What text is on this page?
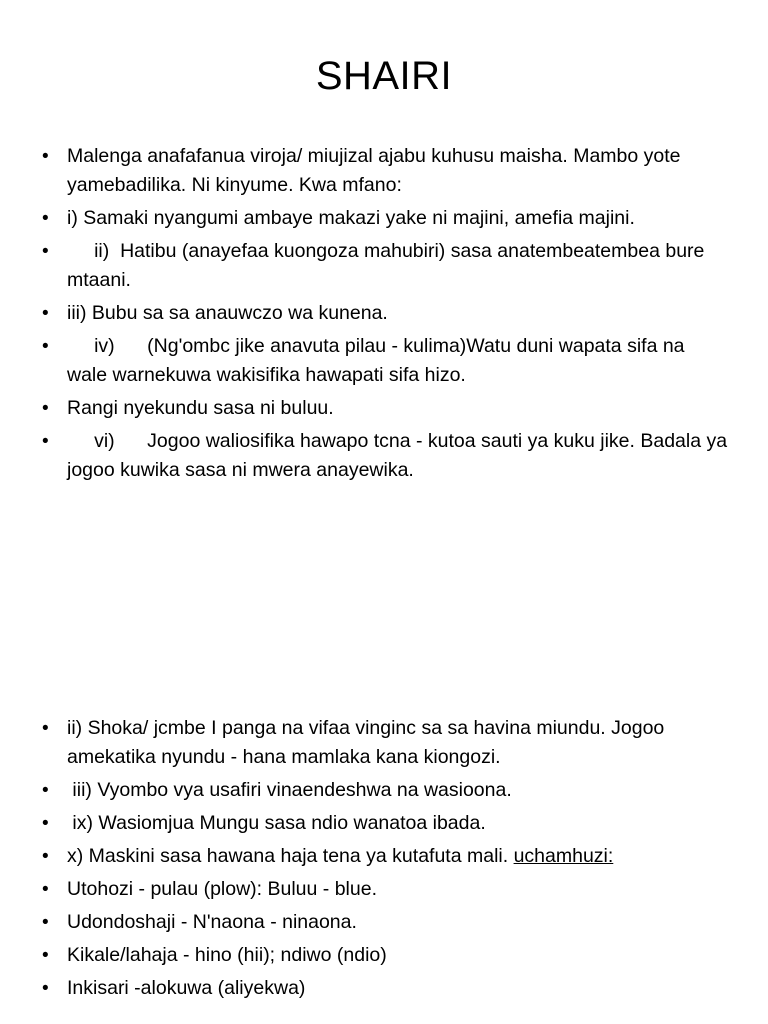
SHAIRI
• Malenga anafafanua viroja/ miujizal ajabu kuhusu maisha. Mambo yote yamebadilika. Ni kinyume. Kwa mfano:
• i) Samaki nyangumi ambaye makazi yake ni majini, amefia majini.
•      ii)  Hatibu (anayefaa kuongoza mahubiri) sasa anatembeatembea bure mtaani.
• iii) Bubu sa sa anauwczo wa kunena.
•      iv)      (Ng'ombc jike anavuta pilau - kulima)Watu duni wapata sifa na wale warnekuwa wakisifika hawapati sifa hizo.
• Rangi nyekundu sasa ni buluu.
•      vi)      Jogoo waliosifika hawapo tcna - kutoa sauti ya kuku jike. Badala ya jogoo kuwika sasa ni mwera anayewika.
• ii) Shoka/ jcmbe I panga na vifaa vinginc sa sa havina miundu. Jogoo amekatika nyundu - hana mamlaka kana kiongozi.
•  iii) Vyombo vya usafiri vinaendeshwa na wasioona.
•  ix) Wasiomjua Mungu sasa ndio wanatoa ibada.
• x) Maskini sasa hawana haja tena ya kutafuta mali. uchamhuzi:
• Utohozi - pulau (plow): Buluu - blue.
• Udondoshaji - N'naona - ninaona.
• Kikale/lahaja - hino (hii); ndiwo (ndio)
• Inkisari -alokuwa (aliyekwa)
